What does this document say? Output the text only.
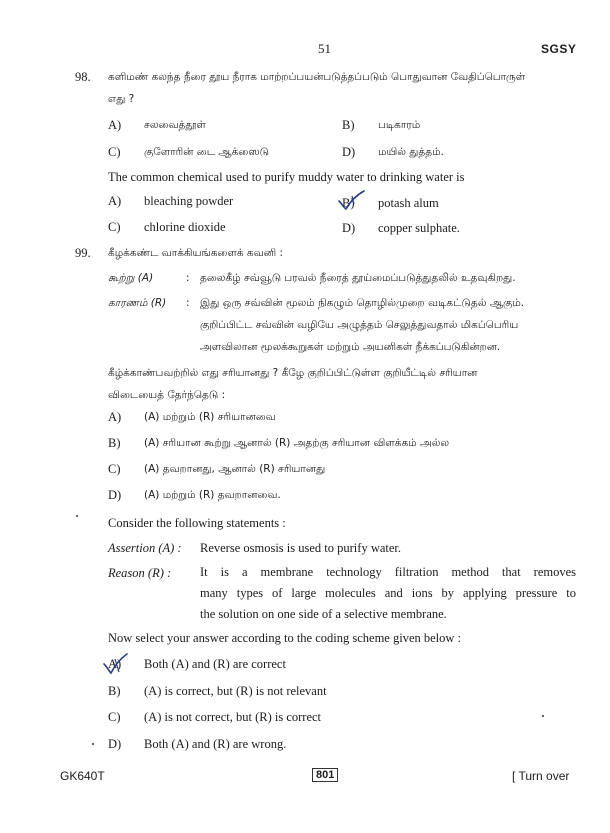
51	SGSY
98. களிமண் கலந்த நீரை தூய நீராக மாற்றப்பயன்படுத்தப்படும் பொதுவான வேதிப்பொருள்
எது ?
A) சலவைத்தூள்	B) படிகாரம்
C) குளோரின் டை ஆக்ஸைடு	D) மயில் துத்தம்.
The common chemical used to purify muddy water to drinking water is
A) bleaching powder	B) potash alum
C) chlorine dioxide	D) copper sulphate.
99. கீழக்கண்ட வாக்கியங்களைக் கவனி :
கூற்று (A)	: தலைகீழ் சவ்வூடு பரவல் நீரைத் தூய்மைப்படுத்துதலில் உதவுகிறது.
காரணம் (R) : இது ஒரு சவ்வின் மூலம் நிகழும் தொழில்முறை வடிகட்டுதல் ஆகும்.
குறிப்பிட்ட சவ்வின் வழியே அழுத்தம் செலுத்துவதால் மிகப்பெரிய
அளவிலான மூலக்கூறுகள் மற்றும் அயனிகள் நீக்கப்படுகின்றன.
கீழ்க்காண்பவற்றில் எது சரியானது ? கீழே குறிப்பிட்டுள்ள குறியீட்டில் சரியான
விடையைத் தேர்ந்தெடு :
A) (A) மற்றும் (R) சரியானவை
B) (A) சரியான கூற்று ஆனால் (R) அதற்கு சரியான விளக்கம் அல்ல
C) (A) தவறானது, ஆனால் (R) சரியானது
D) (A) மற்றும் (R) தவறானவை.
Consider the following statements :
Assertion (A) : Reverse osmosis is used to purify water.
Reason (R) : It is a membrane technology filtration method that removes
many types of large molecules and ions by applying pressure to
the solution on one side of a selective membrane.
Now select your answer according to the coding scheme given below :
A) Both (A) and (R) are correct
B) (A) is correct, but (R) is not relevant
C) (A) is not correct, but (R) is correct
D) Both (A) and (R) are wrong.
GK640T	801	[ Turn over
